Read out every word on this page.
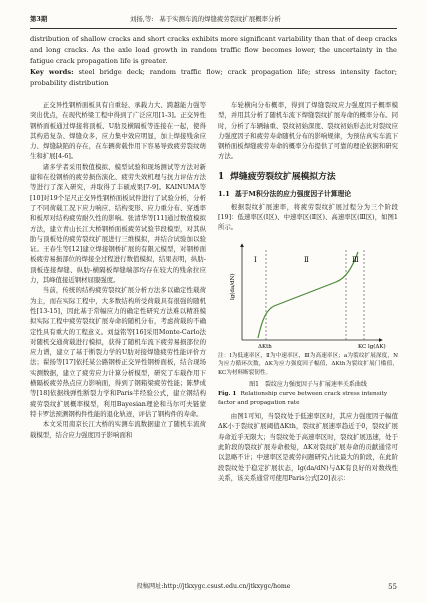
第3期	刘扬,等: 基于实测车流的焊缝疲劳裂纹扩展概率分析

distribution of shallow cracks and short cracks exhibits more significant variability than that of deep cracks and long cracks. As the axle load growth in random traffic flow becomes lower, the uncertainty in the fatigue crack propagation life is greater.

Key words: steel bridge deck; random traffic flow; crack propagation life; stress intensity factor; probability distribution

正交异性钢桥面板具有自重轻、承载力大、跨越能力强等突出优点，在现代桥梁工程中得到了广泛应用[1-3]。正交异性钢桥面板通过焊接将顶板、U肋及横隔板等连接在一起，使得其构造复杂、焊缝众多，应力集中效应明显，加上焊接残余应力、焊缝缺陷的存在，在车辆荷载作用下容易导致疲劳裂纹萌生和扩展[4-6]。

诸多学者采用数值模拟、模型试验和现场测试等方法对新建和在役钢桥的疲劳损伤演化、疲劳失效机理与抗力评估方法等进行了深入研究，并取得了丰硕成果[7-9]。KAINUMA等[10]对19个足尺正交异性钢桥面板试件进行了试验分析，分析了不同荷载工况下应力响应、结构变形、应力重分布、穿透率和板厚对结构疲劳耐久性的影响。张清华等[11]通过数值模拟方法，建立青山长江大桥钢桥面板疲劳试验节段模型，对其纵肋与顶板处的疲劳裂纹扩展进行三维模拟，并结合试验加以验证。王春生等[12]建立焊接钢桥扩展的有限元模型，对钢桥面板疲劳易损部位的焊接全过程进行数值模拟，结果表明，纵肋-顶板连接焊缝、纵肋-横隔板焊缝端部均存在较大的残余拉应力，其峰值接近钢材屈服强度。

当前，传统的结构疲劳裂纹扩展分析方法多以确定性载荷为主，而在实际工程中，大多数结构所受荷载具有很强的随机性[13-15]，因此基于常幅应力的确定性研究方法难以精准模拟实际工程中疲劳裂纹扩展寿命的随机分布，考虑荷载的不确定性具有重大的工程意义。刘益铭等[16]采用Monte-Carlo法对随机交通荷载进行模拟，获得了随机车流下疲劳易损部位的应力谱，建立了基于断裂力学的U肋对接焊缝疲劳性能评价方法；翟扬等[17]依托某公路钢桥正交异性钢桥面板，结合现场实测数据，建立了疲劳应力计算分析模型，研究了车载作用下横隔板疲劳热点应力影响面，得到了钢箱梁疲劳性能；陈梦成等[18]依据线弹性断裂力学和Paris半经验公式，建立钢结构疲劳裂纹扩展概率模型，利用Bayesian理论和马尔可夫链蒙特卡罗法预测钢构件性能的退化轨迹，评估了钢构件的寿命。

本文采用南京长江大桥的实测车流数据建立了随机车流荷载模型，结合应力强度因子影响面和

车轮横向分布概率，得到了焊缝裂纹应力强度因子概率模型，并用其分析了随机车流下焊缝裂纹扩展寿命的概率分布。同时，分析了车辆轴重、裂纹初始深度、裂纹初始形态比对裂纹应力强度因子和疲劳寿命随机分布的影响规律，为预估真实车流下钢桥面板焊缝疲劳寿命的概率分布提供了可靠的理论依据和研究方法。

1 焊缝疲劳裂纹扩展模拟方法
1.1 基于M积分法的应力强度因子计算理论

根据裂纹扩展速率，将疲劳裂纹扩展过程分为三个阶段[19]：低速率区(Ⅰ区)、中速率区(Ⅱ区)、高速率区(Ⅲ区)，如图1所示。

Ⅰ	Ⅱ	Ⅲ
ΔKth	KC lg(ΔK)
lg(da/dN)
注：Ⅰ为低速率区，Ⅱ为中速率区，Ⅲ为高速率区；a为裂纹扩展深度，N为应力循环次数，ΔK为应力强度因子幅值，ΔKth为裂纹扩展门槛值，KC为材料断裂韧性。
图1　裂纹应力强度因子与扩展速率关系曲线
Fig. 1 Relationship curve between crack stress intensity factor and propagation rate

由图1可知，当裂纹处于低速率区时，其应力强度因子幅值ΔK小于裂纹扩展阈值ΔKth，裂纹扩展速率趋近于0，裂纹扩展寿命近乎无限大；当裂纹处于高速率区时，裂纹扩展迅速，处于此阶段的裂纹扩展寿命极短，ΔK对裂纹扩展寿命的贡献通常可以忽略不计；中速率区是疲劳问题研究占比最大的阶段，在此阶段裂纹处于稳定扩展状态，lg(da/dN)与ΔK有良好的对数线性关系，该关系通常可使用Paris公式[20]表示：

投稿网址:http://jtkxygc.csust.edu.cn/jtkxygc/home	55
